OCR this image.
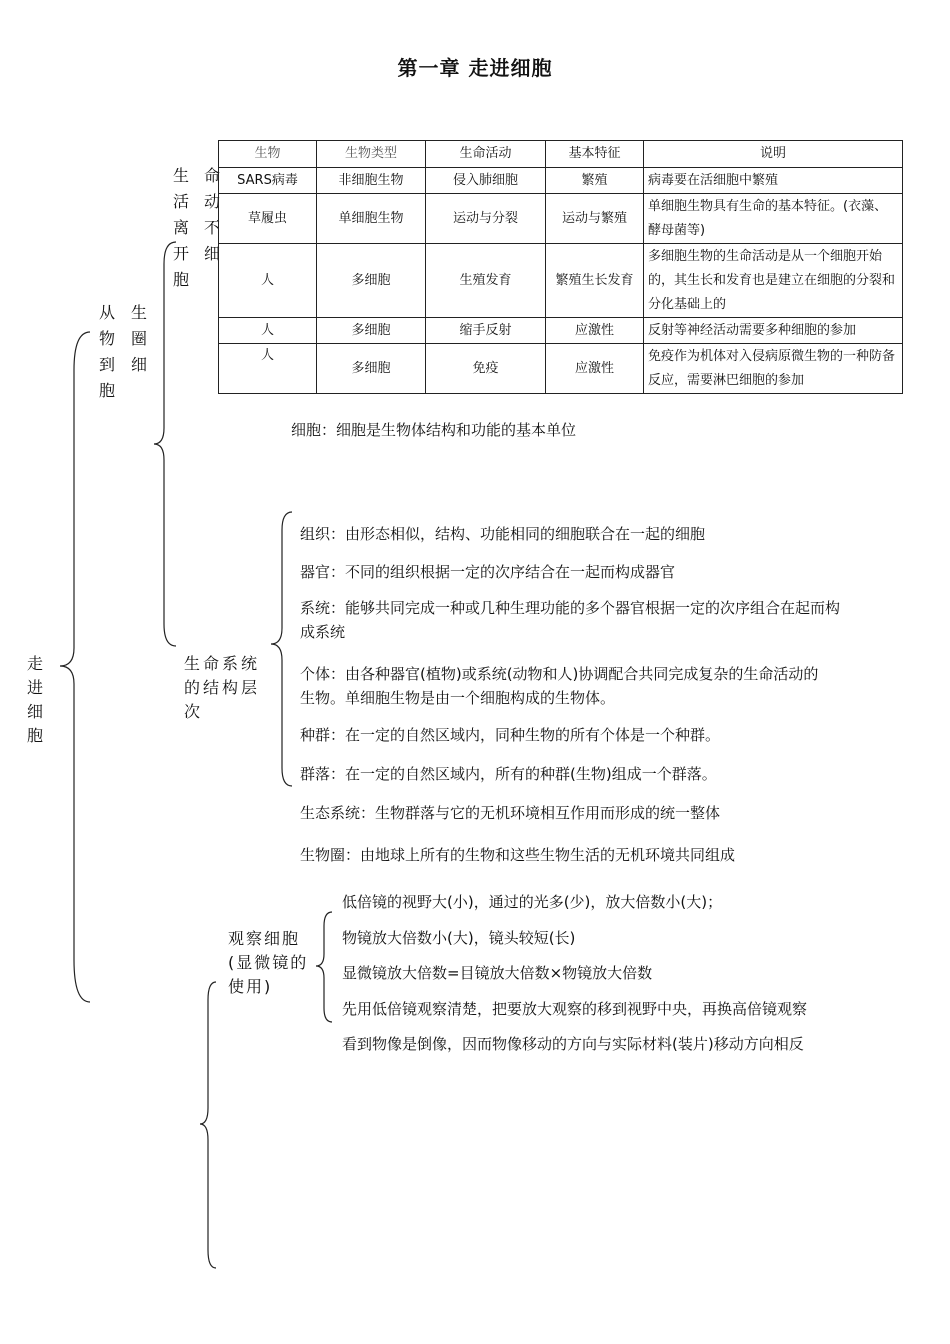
第一章 走进细胞
走
进
细
胞
从
物
到
胞
生
圈
细
生
活
离
开
胞
命
动
不
细
生物	生物类型	生命活动	基本特征	说明
SARS病毒	非细胞生物	侵入肺细胞	繁殖	病毒要在活细胞中繁殖
草履虫	单细胞生物	运动与分裂	运动与繁殖	单细胞生物具有生命的基本特征。(衣藻、酵母菌等)
人	多细胞	生殖发育	繁殖生长发育	多细胞生物的生命活动是从一个细胞开始的，其生长和发育也是建立在细胞的分裂和分化基础上的
人	多细胞	缩手反射	应激性	反射等神经活动需要多种细胞的参加
人	多细胞	免疫	应激性	免疫作为机体对入侵病原微生物的一种防备反应，需要淋巴细胞的参加
细胞：细胞是生物体结构和功能的基本单位
生命系统
的结构层
次
组织：由形态相似，结构、功能相同的细胞联合在一起的细胞
器官：不同的组织根据一定的次序结合在一起而构成器官
系统：能够共同完成一种或几种生理功能的多个器官根据一定的次序组合在起而构成系统
个体：由各种器官(植物)或系统(动物和人)协调配合共同完成复杂的生命活动的生物。单细胞生物是由一个细胞构成的生物体。
种群：在一定的自然区域内，同种生物的所有个体是一个种群。
群落：在一定的自然区域内，所有的种群(生物)组成一个群落。
生态系统：生物群落与它的无机环境相互作用而形成的统一整体
生物圈：由地球上所有的生物和这些生物生活的无机环境共同组成
观察细胞
(显微镜的
使用)
低倍镜的视野大(小)，通过的光多(少)，放大倍数小(大)；
物镜放大倍数小(大)，镜头较短(长)
显微镜放大倍数=目镜放大倍数×物镜放大倍数
先用低倍镜观察清楚，把要放大观察的移到视野中央，再换高倍镜观察
看到物像是倒像，因而物像移动的方向与实际材料(装片)移动方向相反
